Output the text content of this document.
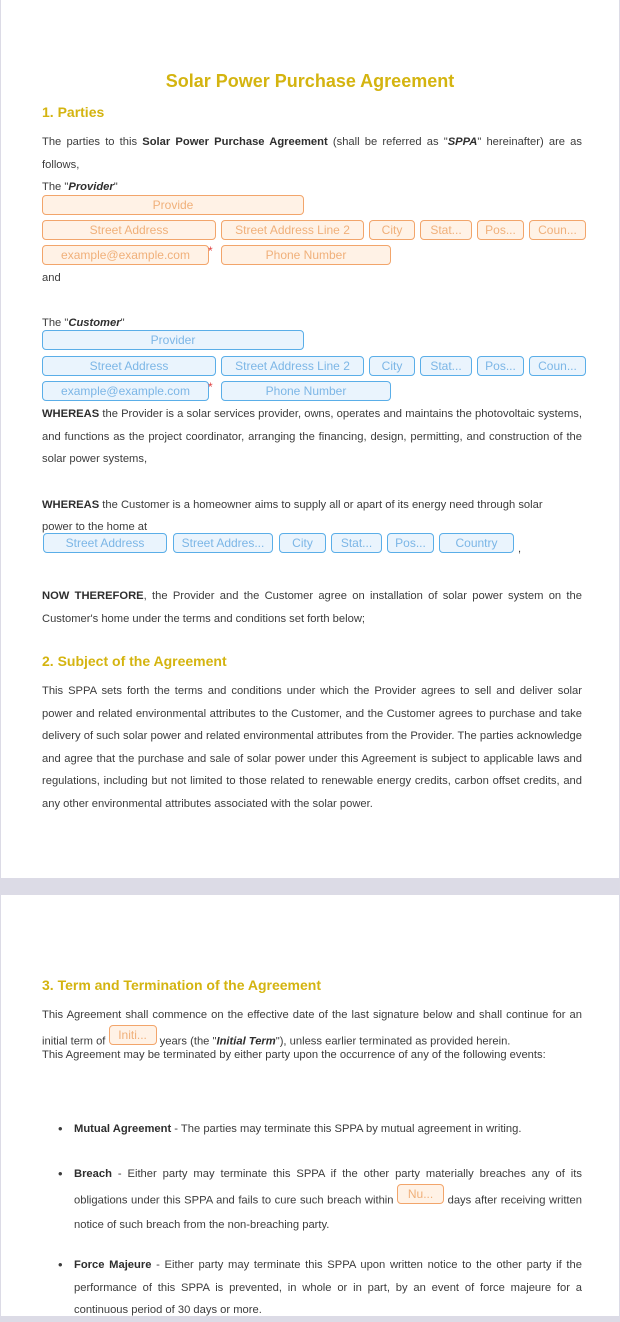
Solar Power Purchase Agreement
1. Parties
The parties to this Solar Power Purchase Agreement (shall be referred as "SPPA" hereinafter) are as follows,
The "Provider"
Provide
Street Address	Street Address Line 2	City	Stat...	Pos...	Coun...
example@example.com	*	Phone Number
and
The "Customer"
Provider
Street Address	Street Address Line 2	City	Stat...	Pos...	Coun...
example@example.com	*	Phone Number
WHEREAS the Provider is a solar services provider, owns, operates and maintains the photovoltaic systems, and functions as the project coordinator, arranging the financing, design, permitting, and construction of the solar power systems,
WHEREAS the Customer is a homeowner aims to supply all or apart of its energy need through solar
power to the home at
Street Address	Street Addres...	City	Stat...	Pos...	Country	,
NOW THEREFORE, the Provider and the Customer agree on installation of solar power system on the Customer's home under the terms and conditions set forth below;
2. Subject of the Agreement
This SPPA sets forth the terms and conditions under which the Provider agrees to sell and deliver solar power and related environmental attributes to the Customer, and the Customer agrees to purchase and take delivery of such solar power and related environmental attributes from the Provider. The parties acknowledge and agree that the purchase and sale of solar power under this Agreement is subject to applicable laws and regulations, including but not limited to those related to renewable energy credits, carbon offset credits, and any other environmental attributes associated with the solar power.
3. Term and Termination of the Agreement
This Agreement shall commence on the effective date of the last signature below and shall continue for an initial term of Initi... years (the "Initial Term"), unless earlier terminated as provided herein.
This Agreement may be terminated by either party upon the occurrence of any of the following events:
• Mutual Agreement - The parties may terminate this SPPA by mutual agreement in writing.
• Breach - Either party may terminate this SPPA if the other party materially breaches any of its obligations under this SPPA and fails to cure such breach within Nu... days after receiving written notice of such breach from the non-breaching party.
• Force Majeure - Either party may terminate this SPPA upon written notice to the other party if the performance of this SPPA is prevented, in whole or in part, by an event of force majeure for a continuous period of 30 days or more.
